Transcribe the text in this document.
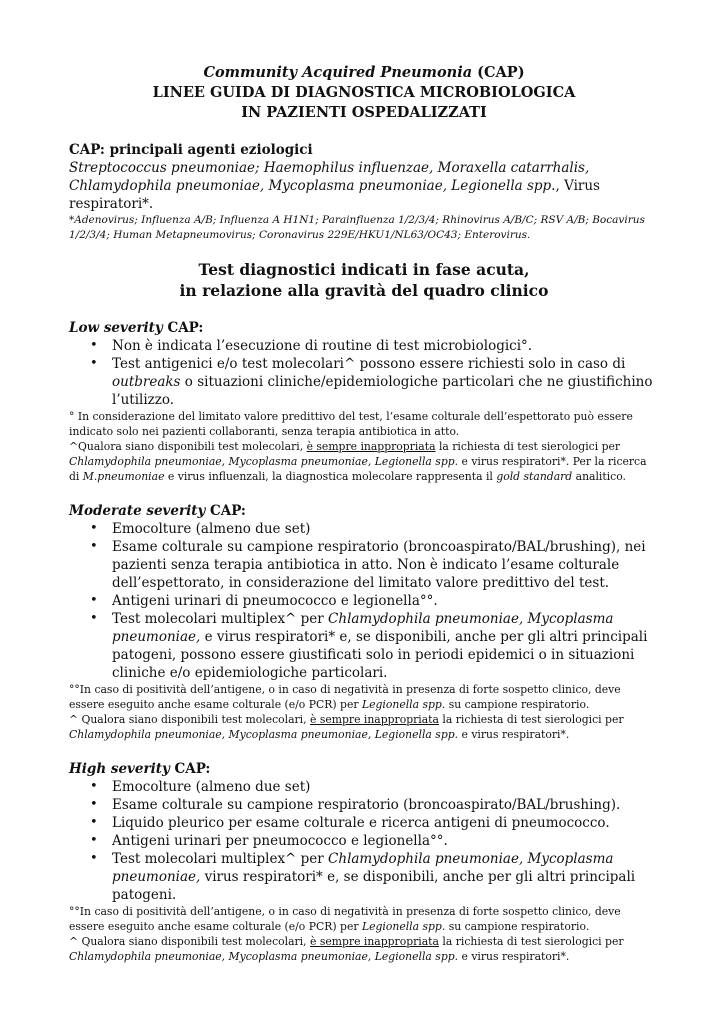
Community Acquired Pneumonia (CAP)
LINEE GUIDA DI DIAGNOSTICA MICROBIOLOGICA
IN PAZIENTI OSPEDALIZZATI
CAP: principali agenti eziologici
Streptococcus pneumoniae; Haemophilus influenzae, Moraxella catarrhalis, Chlamydophila pneumoniae, Mycoplasma pneumoniae, Legionella spp., Virus respiratori*.
*Adenovirus; Influenza A/B; Influenza A H1N1; Parainfluenza 1/2/3/4; Rhinovirus A/B/C; RSV A/B; Bocavirus 1/2/3/4; Human Metapneumovirus; Coronavirus 229E/HKU1/NL63/OC43; Enterovirus.
Test diagnostici indicati in fase acuta,
in relazione alla gravità del quadro clinico
Low severity CAP:
• Non è indicata l’esecuzione di routine di test microbiologici°.
• Test antigenici e/o test molecolari^ possono essere richiesti solo in caso di outbreaks o situazioni cliniche/epidemiologiche particolari che ne giustifichino l’utilizzo.
° In considerazione del limitato valore predittivo del test, l’esame colturale dell’espettorato può essere indicato solo nei pazienti collaboranti, senza terapia antibiotica in atto.
^Qualora siano disponibili test molecolari, è sempre inappropriata la richiesta di test sierologici per Chlamydophila pneumoniae, Mycoplasma pneumoniae, Legionella spp. e virus respiratori*. Per la ricerca di M.pneumoniae e virus influenzali, la diagnostica molecolare rappresenta il gold standard analitico.
Moderate severity CAP:
• Emocolture (almeno due set)
• Esame colturale su campione respiratorio (broncoaspirato/BAL/brushing), nei pazienti senza terapia antibiotica in atto. Non è indicato l’esame colturale dell’espettorato, in considerazione del limitato valore predittivo del test.
• Antigeni urinari di pneumococco e legionella°°.
• Test molecolari multiplex^ per Chlamydophila pneumoniae, Mycoplasma pneumoniae, e virus respiratori* e, se disponibili, anche per gli altri principali patogeni, possono essere giustificati solo in periodi epidemici o in situazioni cliniche e/o epidemiologiche particolari.
°°In caso di positività dell’antigene, o in caso di negatività in presenza di forte sospetto clinico, deve essere eseguito anche esame colturale (e/o PCR) per Legionella spp. su campione respiratorio.
^ Qualora siano disponibili test molecolari, è sempre inappropriata la richiesta di test sierologici per Chlamydophila pneumoniae, Mycoplasma pneumoniae, Legionella spp. e virus respiratori*.
High severity CAP:
• Emocolture (almeno due set)
• Esame colturale su campione respiratorio (broncoaspirato/BAL/brushing).
• Liquido pleurico per esame colturale e ricerca antigeni di pneumococco.
• Antigeni urinari per pneumococco e legionella°°.
• Test molecolari multiplex^ per Chlamydophila pneumoniae, Mycoplasma pneumoniae, virus respiratori* e, se disponibili, anche per gli altri principali patogeni.
°°In caso di positività dell’antigene, o in caso di negatività in presenza di forte sospetto clinico, deve essere eseguito anche esame colturale (e/o PCR) per Legionella spp. su campione respiratorio.
^ Qualora siano disponibili test molecolari, è sempre inappropriata la richiesta di test sierologici per Chlamydophila pneumoniae, Mycoplasma pneumoniae, Legionella spp. e virus respiratori*.
